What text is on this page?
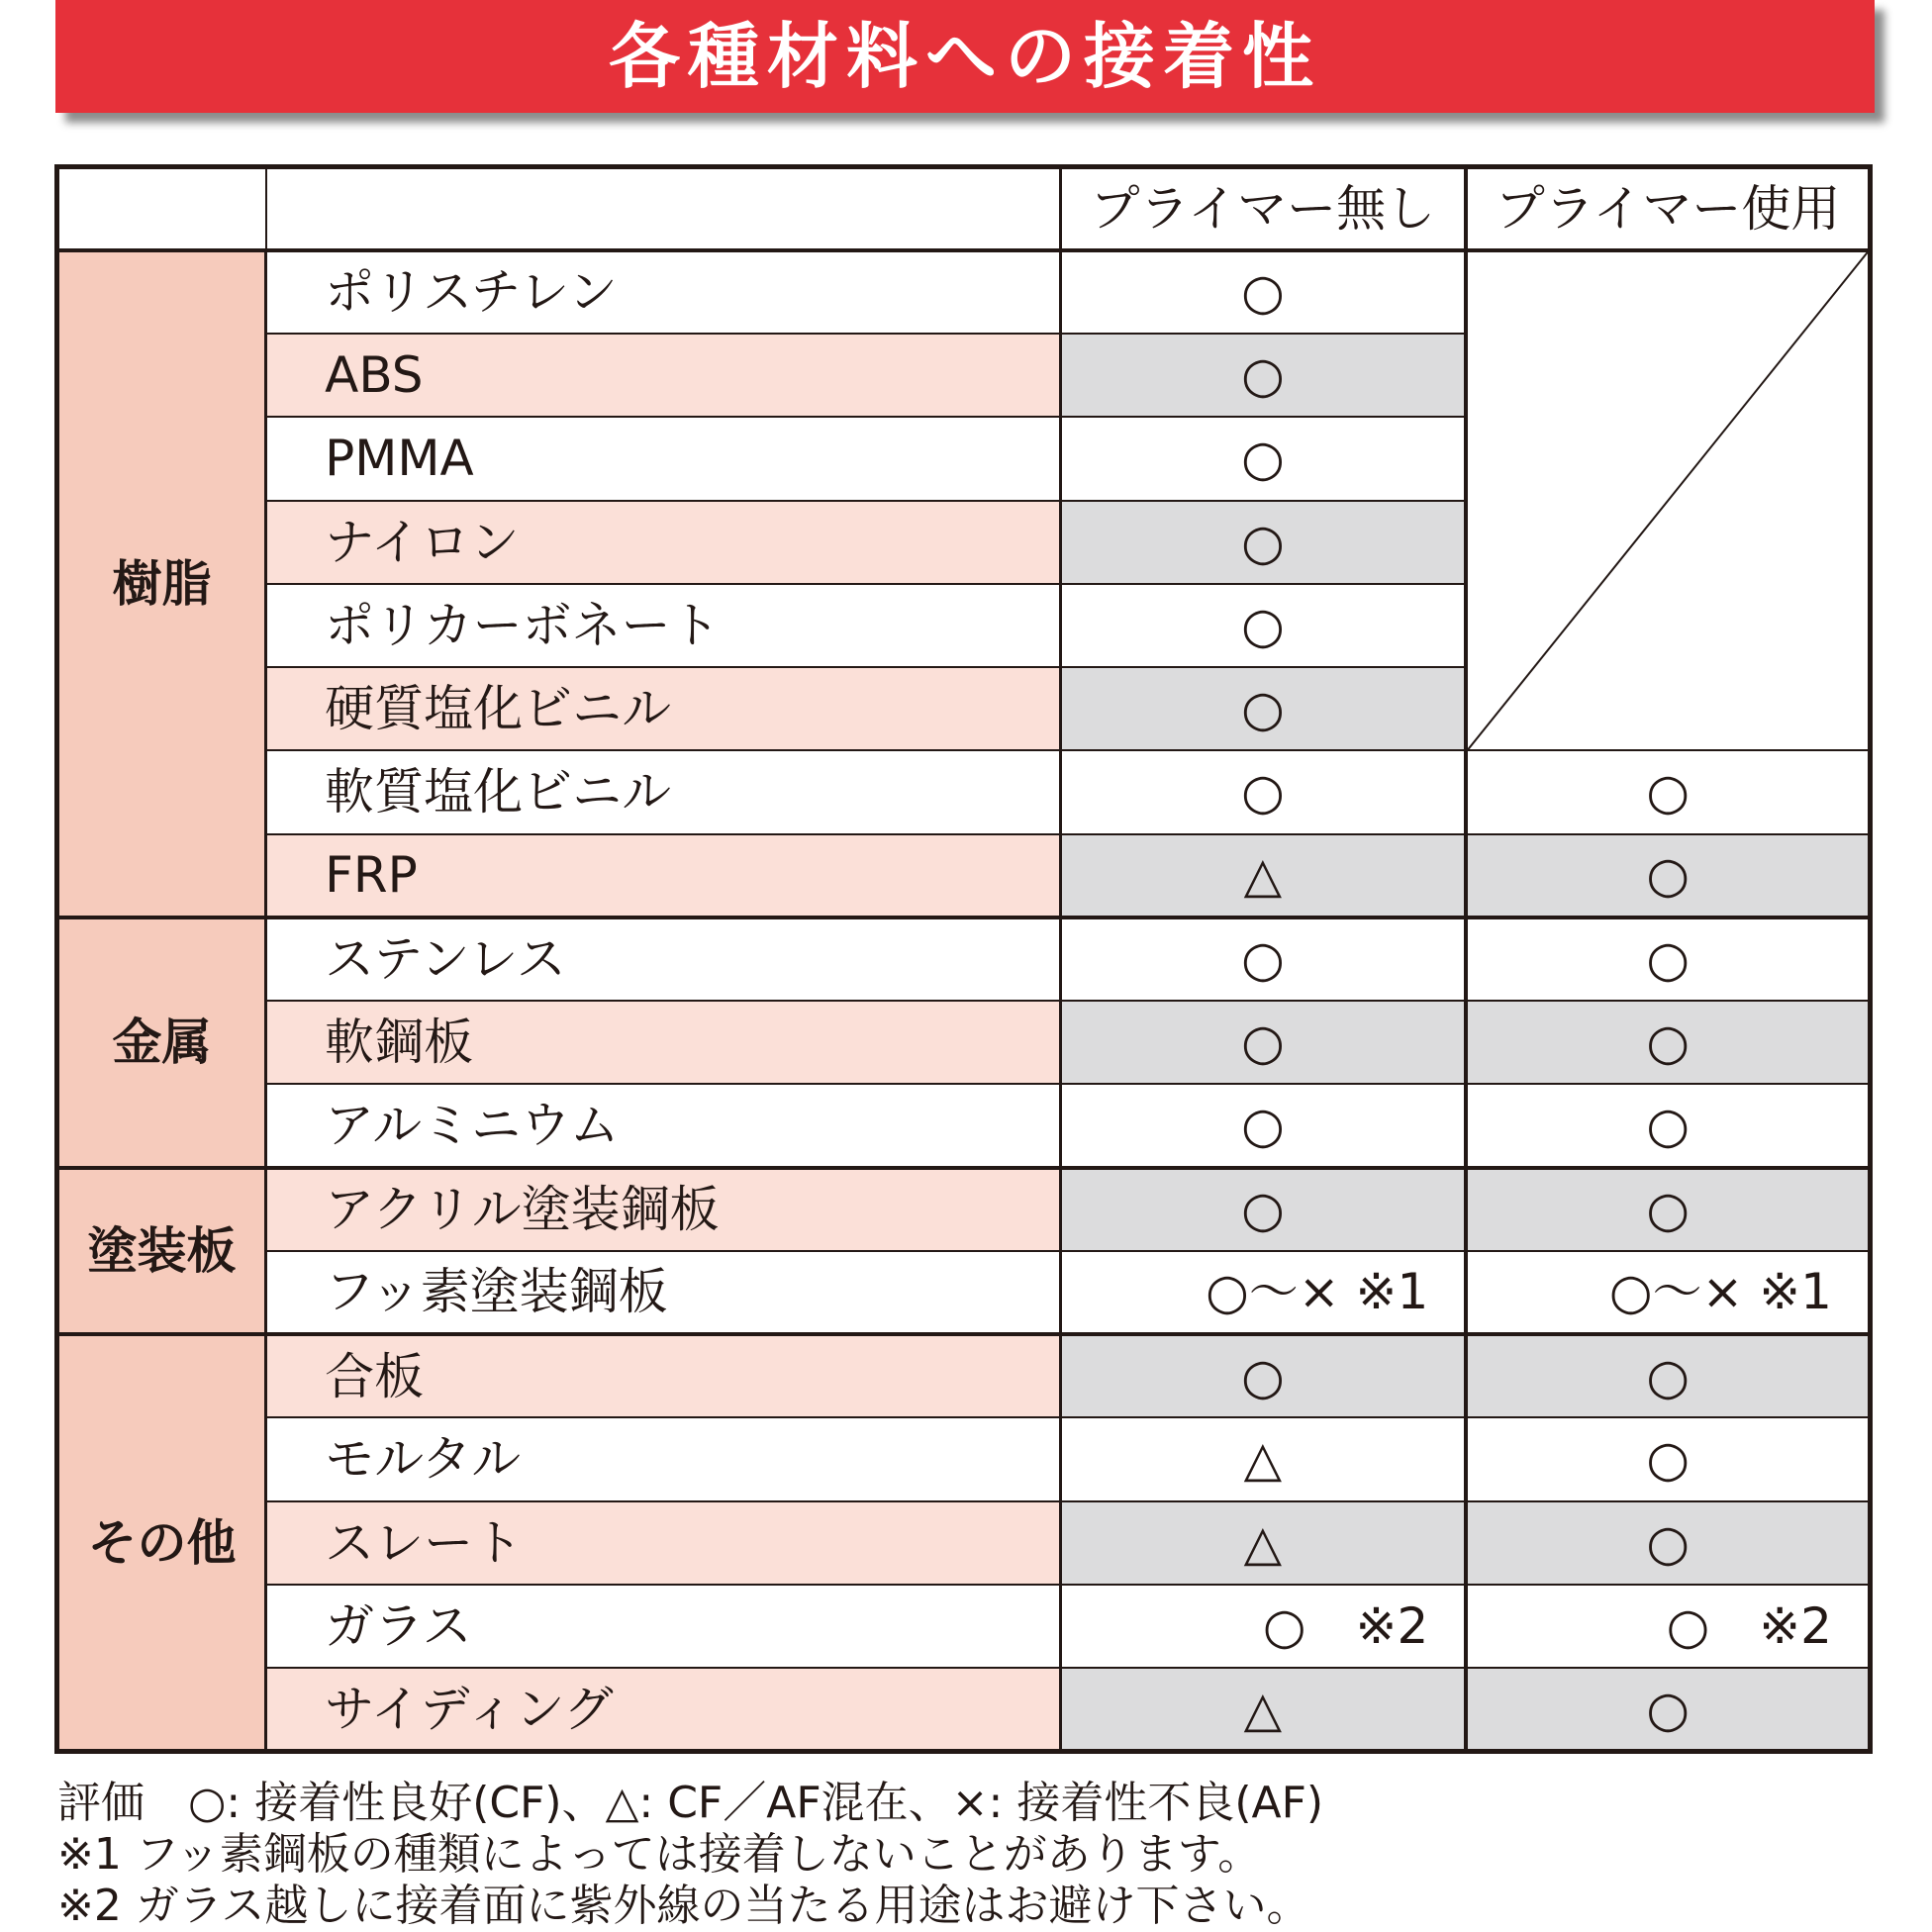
各種材料への接着性
		プライマー無し	プライマー使用
樹脂	ポリスチレン	○	

	ABS	○	
	PMMA	○	
	ナイロン	○	
	ポリカーボネート	○	
	硬質塩化ビニル	○	
	軟質塩化ビニル	○	○
	FRP	△	○
金属	ステンレス	○	○
	軟鋼板	○	○
	アルミニウム	○	○
塗装板	アクリル塗装鋼板	○	○
	フッ素塗装鋼板	○～× ※1	○～× ※1
その他	合板	○	○
	モルタル	△	○
	スレート	△	○
	ガラス	○　※2	○　※2
	サイディング	△	○
評価　○: 接着性良好(CF)、△: CF／AF混在、×: 接着性不良(AF)
※1 フッ素鋼板の種類によっては接着しないことがあります。
※2 ガラス越しに接着面に紫外線の当たる用途はお避け下さい。
